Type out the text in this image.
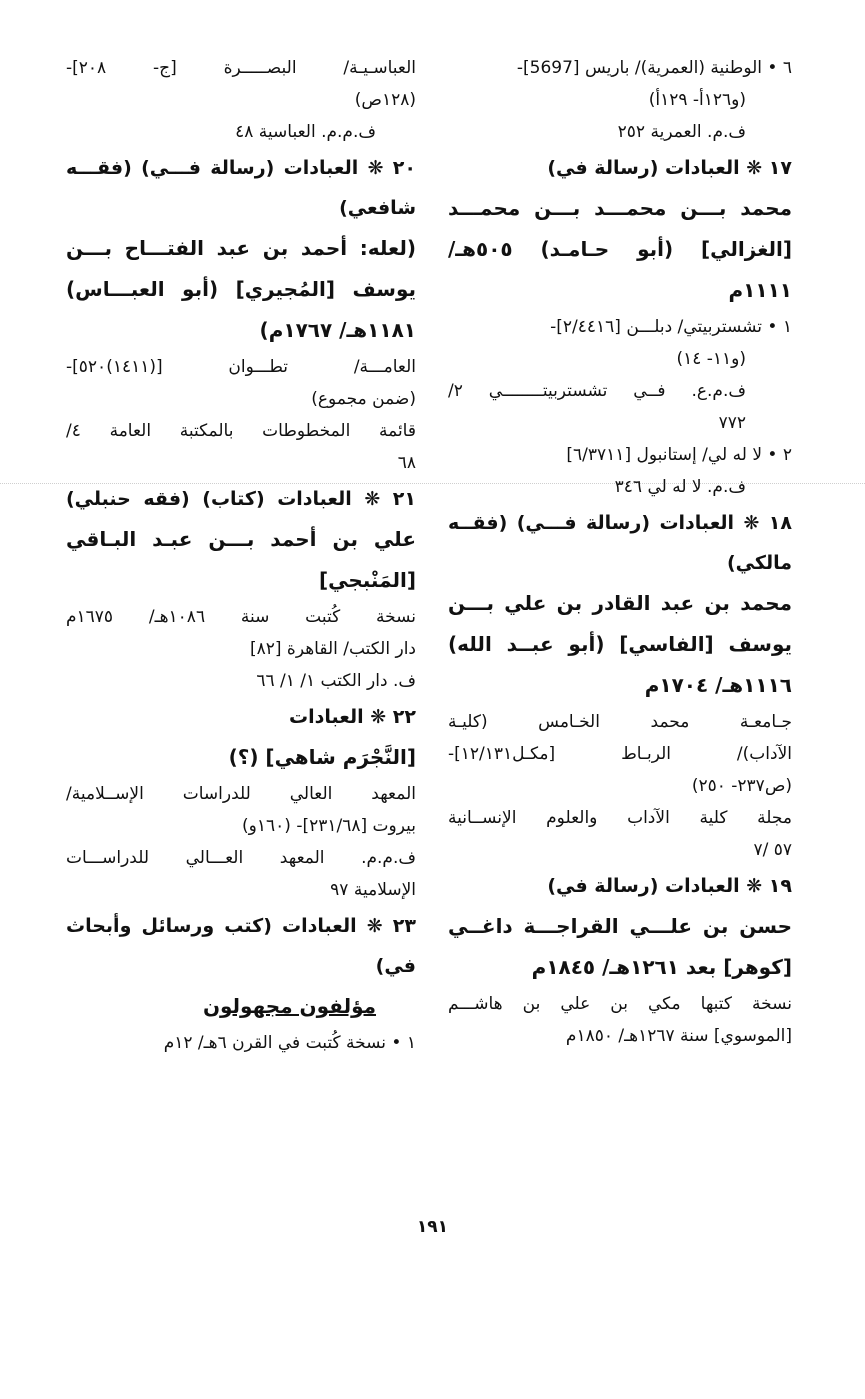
٦ • الوطنية (العمرية)/ باريس [5697]-
(و١٢٦أ- ١٢٩أ)
ف.م. العمرية ٢٥٢
١٧ ❋ العبادات (رسالة في)
محمد بـــن محمـــد بـــن محمـــد
[الغزالي] (أبو حـامـد) ٥٠٥هـ/
١١١١م
١ • تشستربيتي/ دبلـــن [٢/٤٤١٦]-
(و١١- ١٤)
ف.م.ع. فــي تشستربيتــــــــي ٢/
٧٧٢
٢ • لا له لي/ إستانبول [٦/٣٧١١]
ف.م. لا له لي ٣٤٦
١٨ ❋ العبادات (رسالة فـــي) (فقــه
مالكي)
محمد بن عبد القادر بن علي بـــن
يوسف [الفاسي] (أبو عبــد الله)
١١١٦هـ/ ١٧٠٤م
جـامعـة محمد الخـامس (كليـة
الآداب)/ الربـاط [مكـل١٢/١٣١]-
(ص٢٣٧- ٢٥٠)
مجلة كلية الآداب والعلوم الإنســانية
٥٧ /٧
١٩ ❋ العبادات (رسالة في)
حسن بن علـــي القراجـــة داغــي
[كوهر] بعد ١٢٦١هـ/ ١٨٤٥م
نسخة كتبها مكي بن علي بن هاشـــم
[الموسوي] سنة ١٢٦٧هـ/ ١٨٥٠م
العباسـيـة/ البصـــــرة [ج- ٢٠٨]-
(١٢٨ص)
ف.م.م. العباسية ٤٨
٢٠ ❋ العبادات (رسالة فـــي) (فقـــه
شافعي)
(لعله: أحمد بن عبد الفتـــاح بـــن
يوسف [المُجيري] (أبو العبـــاس)
١١٨١هـ/ ١٧٦٧م)
العامـــة/ تطـــوان [(١٤١١)٥٢٠]-
(ضمن مجموع)
قائمة المخطوطات بالمكتبة العامة ٤/
٦٨
٢١ ❋ العبادات (كتاب) (فقه حنبلي)
علي بن أحمد بـــن عبـد البـاقي
[المَنْبجي]
نسخة كُتبت سنة ١٠٨٦هـ/ ١٦٧٥م
دار الكتب/ القاهرة [٨٢]
ف. دار الكتب ١/ ١/ ٦٦
٢٢ ❋ العبادات
[النَّجْرَم شاهي] (؟)
المعهد العالي للدراسات الإســلامية/
بيروت [٢٣١/٦٨]- (١٦٠و)
ف.م.م. المعهد العـــالي للدراســـات
الإسلامية ٩٧
٢٣ ❋ العبادات (كتب ورسائل وأبحاث
في)
مؤلفون مجهولون
١ • نسخة كُتبت في القرن ٦هـ/ ١٢م
١٩١
